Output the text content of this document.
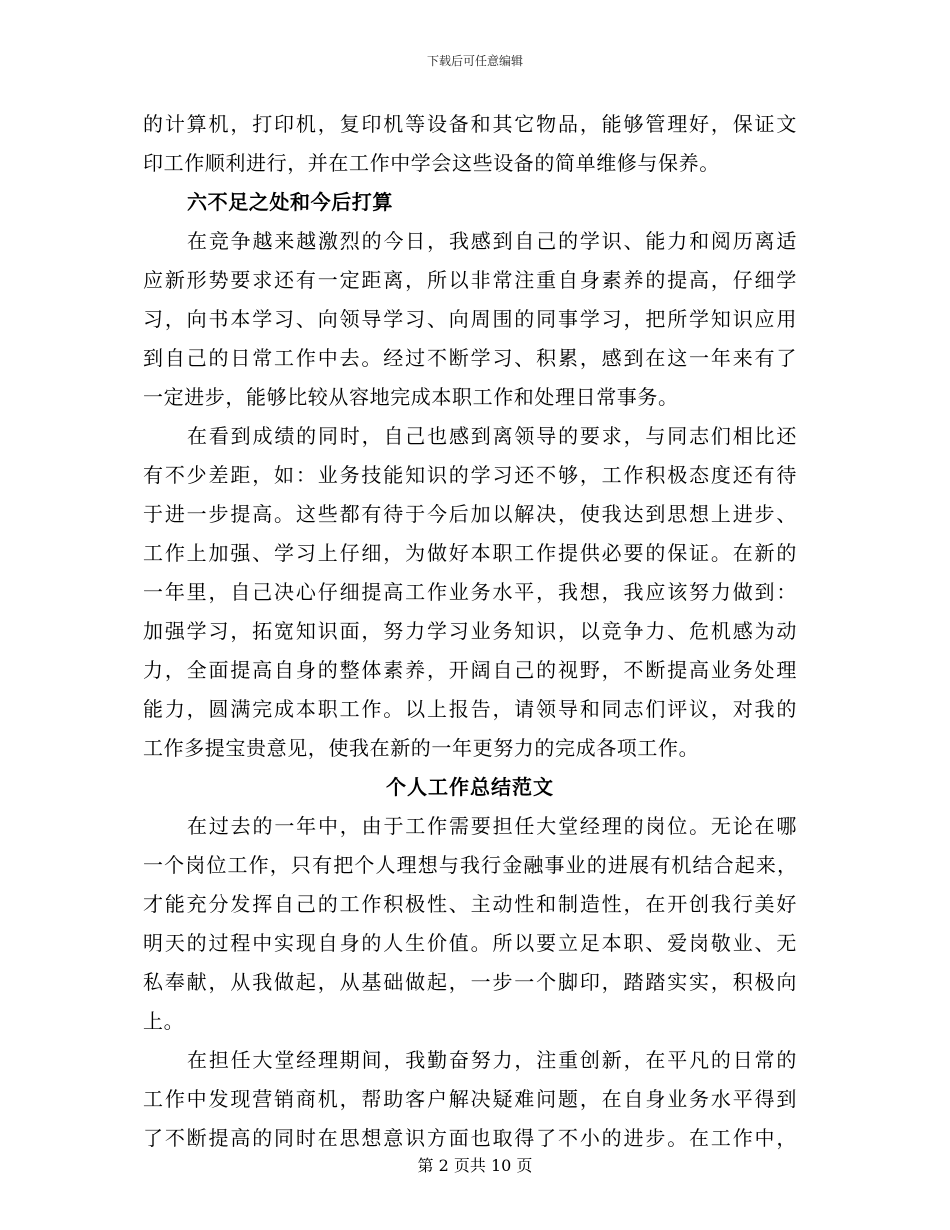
下载后可任意编辑
的计算机，打印机，复印机等设备和其它物品，能够管理好，保证文
印工作顺利进行，并在工作中学会这些设备的简单维修与保养。
六不足之处和今后打算
在竞争越来越激烈的今日，我感到自己的学识、能力和阅历离适
应新形势要求还有一定距离，所以非常注重自身素养的提高，仔细学
习，向书本学习、向领导学习、向周围的同事学习，把所学知识应用
到自己的日常工作中去。经过不断学习、积累，感到在这一年来有了
一定进步，能够比较从容地完成本职工作和处理日常事务。
在看到成绩的同时，自己也感到离领导的要求，与同志们相比还
有不少差距，如：业务技能知识的学习还不够，工作积极态度还有待
于进一步提高。这些都有待于今后加以解决，使我达到思想上进步、
工作上加强、学习上仔细，为做好本职工作提供必要的保证。在新的
一年里，自己决心仔细提高工作业务水平，我想，我应该努力做到：
加强学习，拓宽知识面，努力学习业务知识，以竞争力、危机感为动
力，全面提高自身的整体素养，开阔自己的视野，不断提高业务处理
能力，圆满完成本职工作。以上报告，请领导和同志们评议，对我的
工作多提宝贵意见，使我在新的一年更努力的完成各项工作。
个人工作总结范文
在过去的一年中，由于工作需要担任大堂经理的岗位。无论在哪
一个岗位工作，只有把个人理想与我行金融事业的进展有机结合起来，
才能充分发挥自己的工作积极性、主动性和制造性，在开创我行美好
明天的过程中实现自身的人生价值。所以要立足本职、爱岗敬业、无
私奉献，从我做起，从基础做起，一步一个脚印，踏踏实实，积极向
上。
在担任大堂经理期间，我勤奋努力，注重创新，在平凡的日常的
工作中发现营销商机，帮助客户解决疑难问题，在自身业务水平得到
了不断提高的同时在思想意识方面也取得了不小的进步。在工作中，
第 2 页共 10 页
